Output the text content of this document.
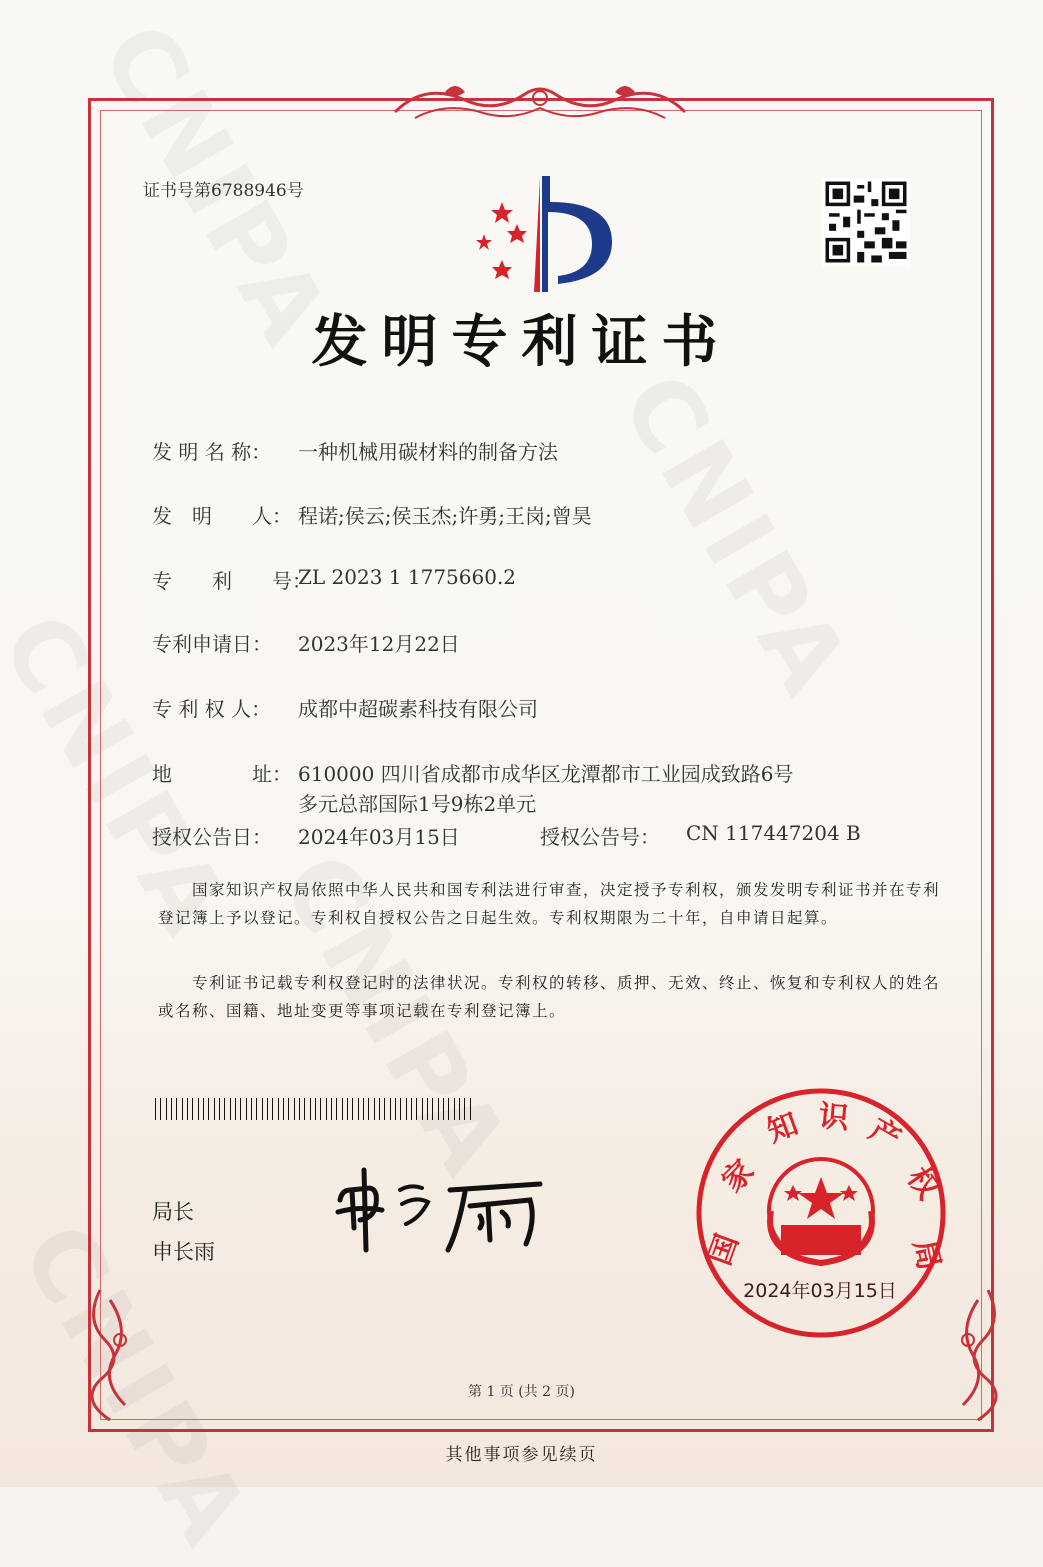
证书号第6788946号
发明专利证书
发 明 名 称：	一种机械用碳材料的制备方法
发　明　　人： 程诺;侯云;侯玉杰;许勇;王岗;曾昊
专　　利　　号：
ZL 2023 1 1775660.2
专利申请日：	2023年12月22日
专 利 权 人：	成都中超碳素科技有限公司
地　　　　址： 610000 四川省成都市成华区龙潭都市工业园成致路6号
多元总部国际1号9栋2单元
授权公告日：	2024年03月15日	授权公告号：	CN 117447204 B
国家知识产权局依照中华人民共和国专利法进行审查，决定授予专利权，颁发发明专利证书并在专利登记簿上予以登记。专利权自授权公告之日起生效。专利权期限为二十年，自申请日起算。
专利证书记载专利权登记时的法律状况。专利权的转移、质押、无效、终止、恢复和专利权人的姓名或名称、国籍、地址变更等事项记载在专利登记簿上。
局长
申长雨	国
家
知 识 产
权
局
2024年03月15日
第 1 页 (共 2 页)
其他事项参见续页
